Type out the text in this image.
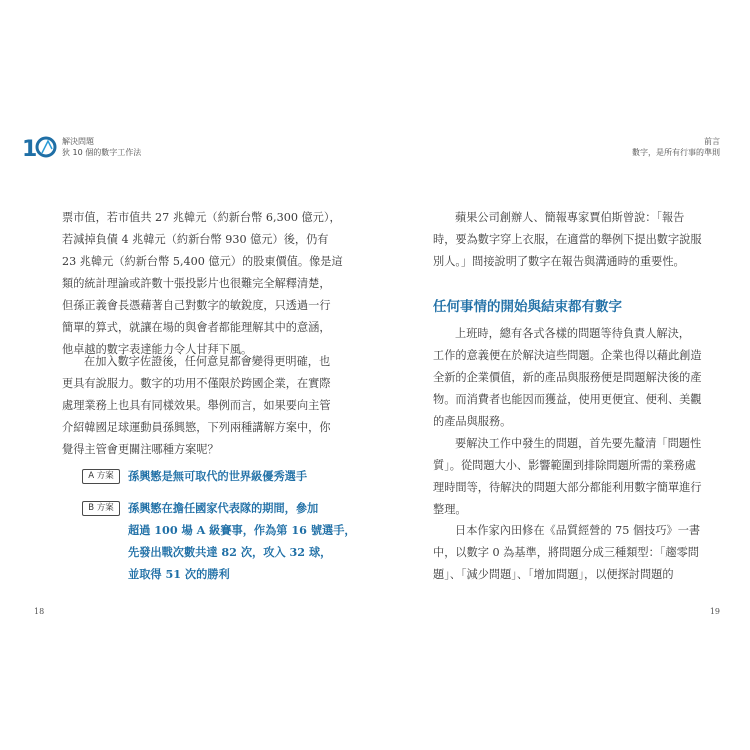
1	解決問題
狄 10 個的數字工作法
票市值，若市值共 27 兆韓元（約新台幣 6,300 億元），
若減掉負債 4 兆韓元（約新台幣 930 億元）後，仍有
23 兆韓元（約新台幣 5,400 億元）的股東價值。像是這
類的統計理論或許數十張投影片也很難完全解釋清楚，
但孫正義會長憑藉著自己對數字的敏銳度，只透過一行
簡單的算式，就讓在場的與會者都能理解其中的意涵，
他卓越的數字表達能力令人甘拜下風。
在加入數字佐證後，任何意見都會變得更明確，也
更具有說服力。數字的功用不僅限於跨國企業，在實際
處理業務上也具有同樣效果。舉例而言，如果要向主管
介紹韓國足球運動員孫興慜，下列兩種講解方案中，你
覺得主管會更關注哪種方案呢？
A 方案	孫興慜是無可取代的世界級優秀選手
B 方案	孫興慜在擔任國家代表隊的期間，參加
超過 100 場 A 級賽事，作為第 16 號選手，
先發出戰次數共達 82 次，攻入 32 球，
並取得 51 次的勝利
18
前言
數字，是所有行事的準則
蘋果公司創辦人、簡報專家賈伯斯曾說：「報告
時，要為數字穿上衣服，在適當的舉例下提出數字說服
別人。」間接說明了數字在報告與溝通時的重要性。
任何事情的開始與結束都有數字
上班時，總有各式各樣的問題等待負責人解決，
工作的意義便在於解決這些問題。企業也得以藉此創造
全新的企業價值，新的產品與服務便是問題解決後的產
物。而消費者也能因而獲益，使用更便宜、便利、美觀
的產品與服務。
要解決工作中發生的問題，首先要先釐清「問題性
質」。從問題大小、影響範圍到排除問題所需的業務處
理時間等，待解決的問題大部分都能利用數字簡單進行
整理。
日本作家內田修在《品質經營的 75 個技巧》一書
中，以數字 0 為基準，將問題分成三種類型：「趨零問
題」、「減少問題」、「增加問題」，以便探討問題的
19
